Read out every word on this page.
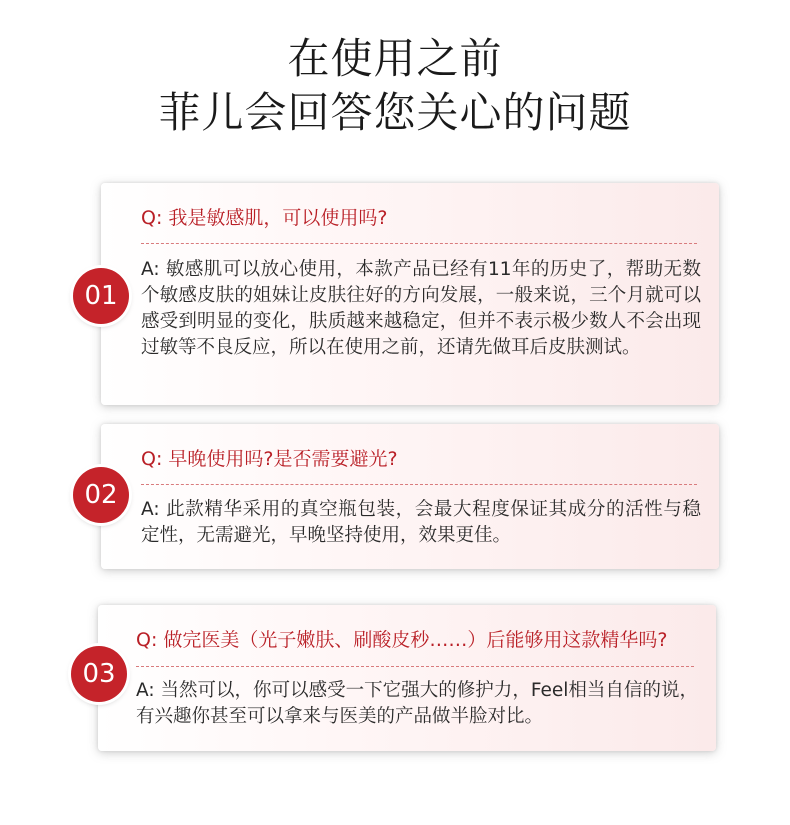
在使用之前
菲儿会回答您关心的问题
Q: 我是敏感肌，可以使用吗?
A: 敏感肌可以放心使用，本款产品已经有11年的历史了，帮助无数个敏感皮肤的姐妹让皮肤往好的方向发展，一般来说，三个月就可以感受到明显的变化，肤质越来越稳定，但并不表示极少数人不会出现过敏等不良反应，所以在使用之前，还请先做耳后皮肤测试。
01
Q: 早晚使用吗?是否需要避光?
A: 此款精华采用的真空瓶包装，会最大程度保证其成分的活性与稳定性，无需避光，早晚坚持使用，效果更佳。
02
Q: 做完医美（光子嫩肤、刷酸皮秒……）后能够用这款精华吗?
A: 当然可以，你可以感受一下它强大的修护力，Feel相当自信的说，有兴趣你甚至可以拿来与医美的产品做半脸对比。
03
